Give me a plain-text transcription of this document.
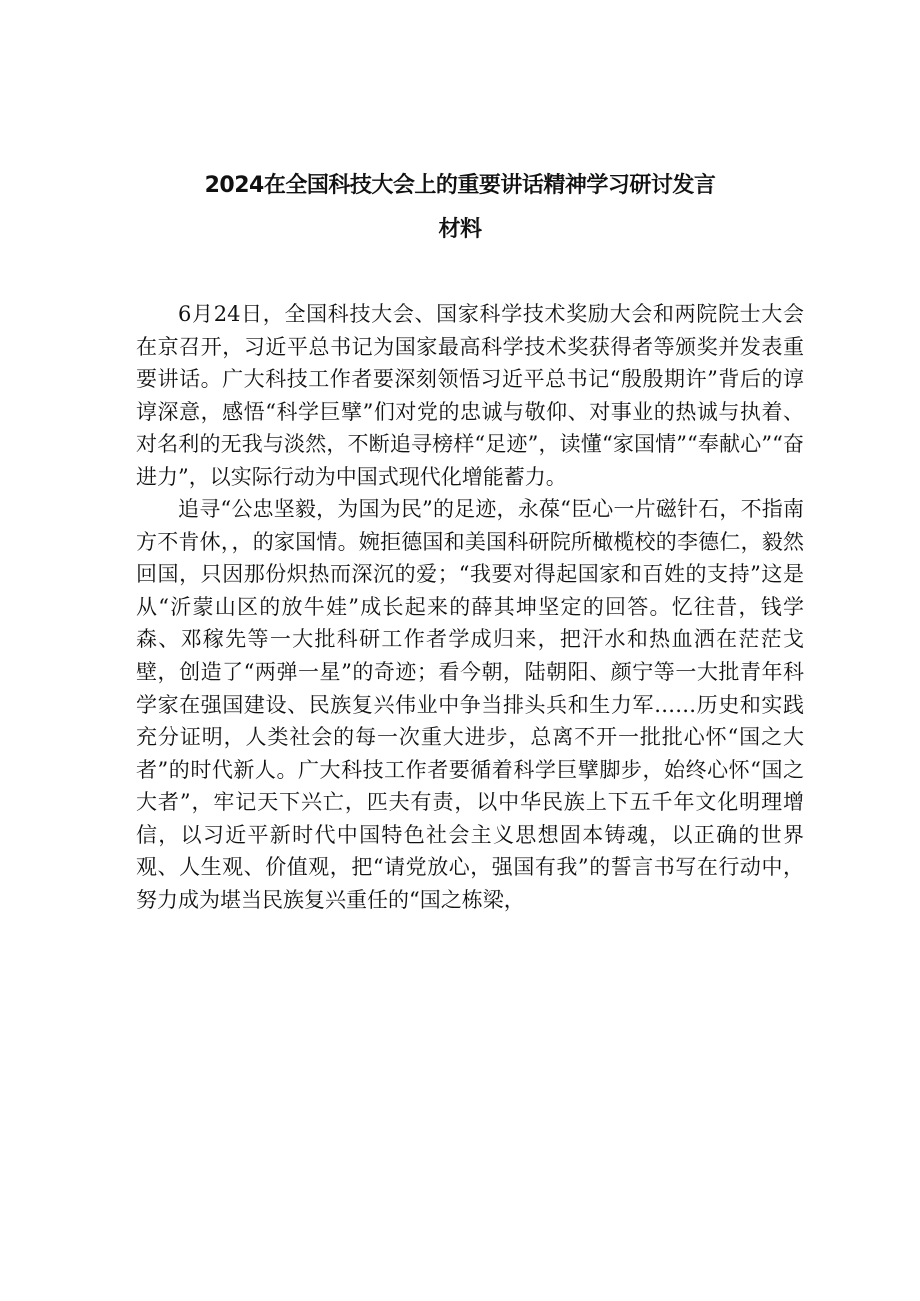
2024在全国科技大会上的重要讲话精神学习研讨发言
材料

6月24日，全国科技大会、国家科学技术奖励大会和两院院士大会在京召开，习近平总书记为国家最高科学技术奖获得者等颁奖并发表重要讲话。广大科技工作者要深刻领悟习近平总书记“殷殷期许”背后的谆谆深意，感悟“科学巨擘”们对党的忠诚与敬仰、对事业的热诚与执着、对名利的无我与淡然，不断追寻榜样“足迹”，读懂“家国情”“奉献心”“奋进力”，以实际行动为中国式现代化增能蓄力。

追寻“公忠坚毅，为国为民”的足迹，永葆“臣心一片磁针石，不指南方不肯休，，的家国情。婉拒德国和美国科研院所橄榄校的李德仁，毅然回国，只因那份炽热而深沉的爱；“我要对得起国家和百姓的支持”这是从“沂蒙山区的放牛娃”成长起来的薛其坤坚定的回答。忆往昔，钱学森、邓稼先等一大批科研工作者学成归来，把汗水和热血洒在茫茫戈壁，创造了“两弹一星”的奇迹；看今朝，陆朝阳、颜宁等一大批青年科学家在强国建设、民族复兴伟业中争当排头兵和生力军……历史和实践充分证明，人类社会的每一次重大进步，总离不开一批批心怀“国之大者”的时代新人。广大科技工作者要循着科学巨擘脚步，始终心怀“国之大者”，牢记天下兴亡，匹夫有责，以中华民族上下五千年文化明理增信，以习近平新时代中国特色社会主义思想固本铸魂，以正确的世界观、人生观、价值观，把“请党放心，强国有我”的誓言书写在行动中，努力成为堪当民族复兴重任的“国之栋梁，
